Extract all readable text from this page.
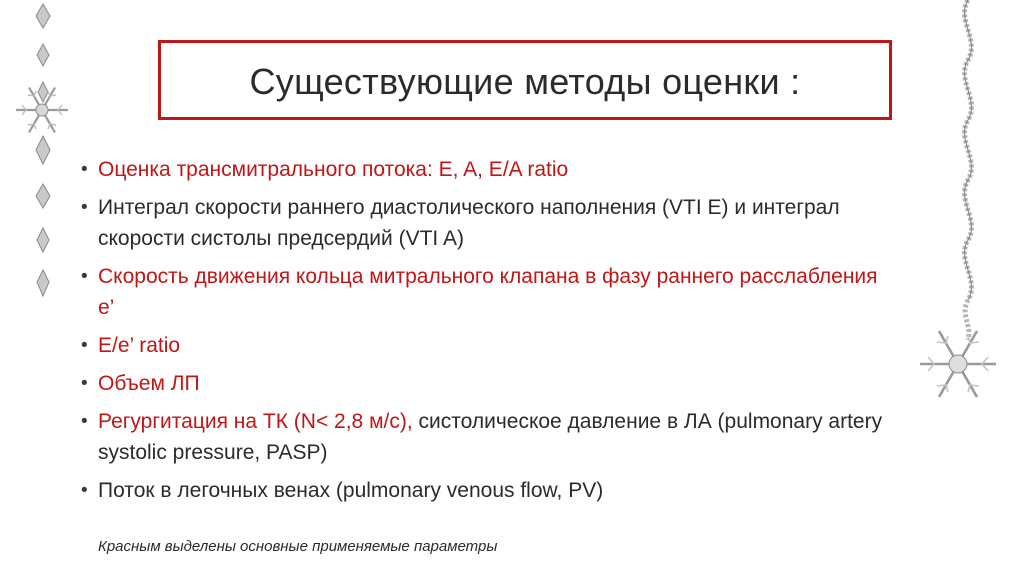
Существующие методы оценки :
• Оценка трансмитрального потока: E, A, E/A ratio
• Интеграл скорости раннего диастолического наполнения (VTI E) и интеграл скорости систолы предсердий (VTI A)
• Скорость движения кольца митрального клапана в фазу раннего расслабления e’
• E/e’ ratio
• Объем ЛП
• Регургитация на ТК (N< 2,8 м/с), систолическое давление в ЛА (pulmonary artery systolic pressure, PASP)
• Поток в легочных венах (pulmonary venous flow, PV)
Красным выделены основные применяемые параметры
